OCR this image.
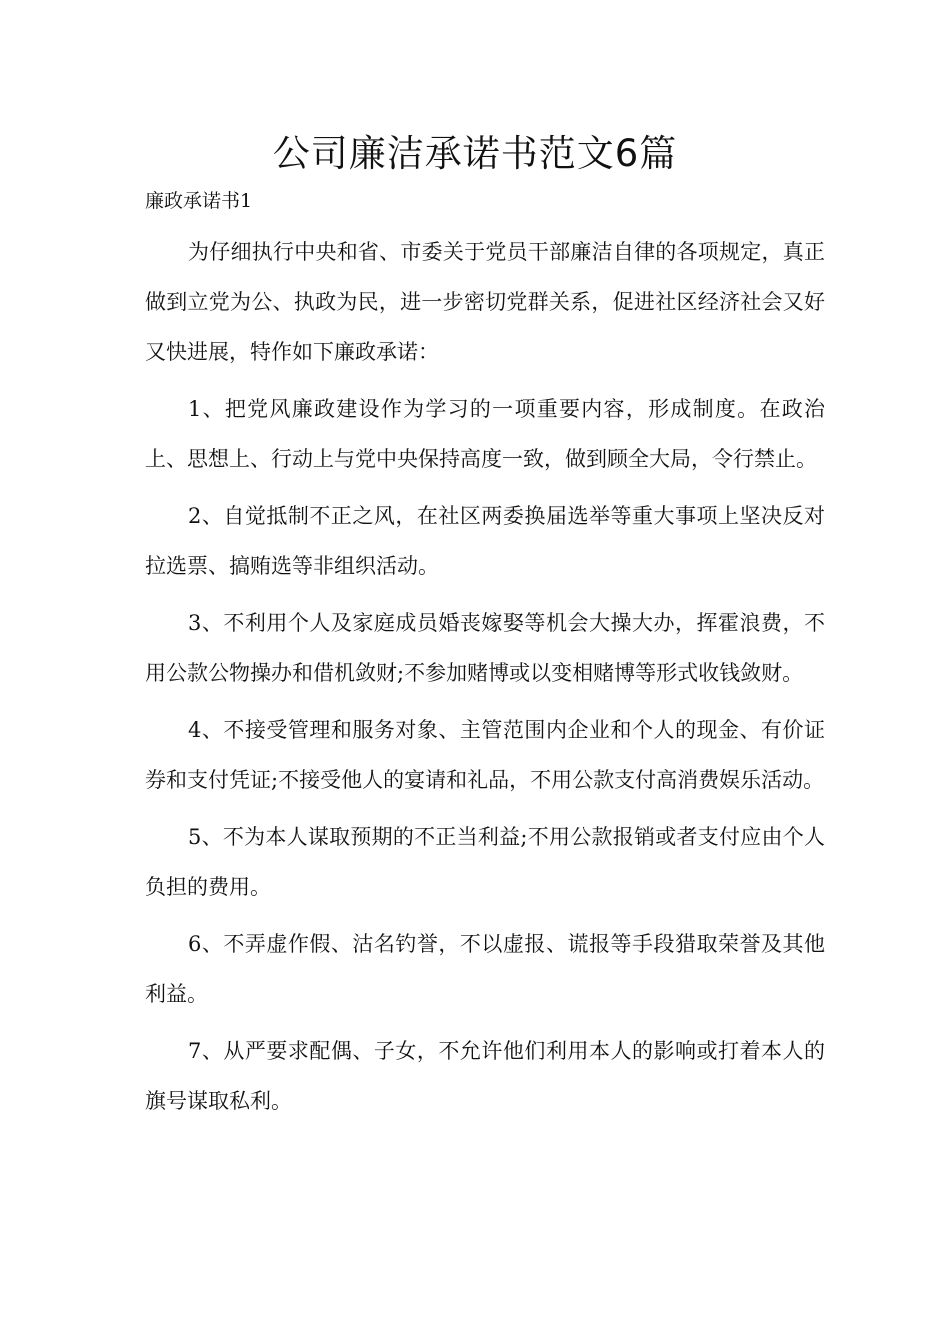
公司廉洁承诺书范文6篇

廉政承诺书1

为仔细执行中央和省、市委关于党员干部廉洁自律的各项规定，真正做到立党为公、执政为民，进一步密切党群关系，促进社区经济社会又好又快进展，特作如下廉政承诺：

1、把党风廉政建设作为学习的一项重要内容，形成制度。在政治上、思想上、行动上与党中央保持高度一致，做到顾全大局，令行禁止。

2、自觉抵制不正之风，在社区两委换届选举等重大事项上坚决反对拉选票、搞贿选等非组织活动。

3、不利用个人及家庭成员婚丧嫁娶等机会大操大办，挥霍浪费，不用公款公物操办和借机敛财;不参加赌博或以变相赌博等形式收钱敛财。

4、不接受管理和服务对象、主管范围内企业和个人的现金、有价证券和支付凭证;不接受他人的宴请和礼品，不用公款支付高消费娱乐活动。

5、不为本人谋取预期的不正当利益;不用公款报销或者支付应由个人负担的费用。

6、不弄虚作假、沽名钓誉，不以虚报、谎报等手段猎取荣誉及其他利益。

7、从严要求配偶、子女，不允许他们利用本人的影响或打着本人的旗号谋取私利。
